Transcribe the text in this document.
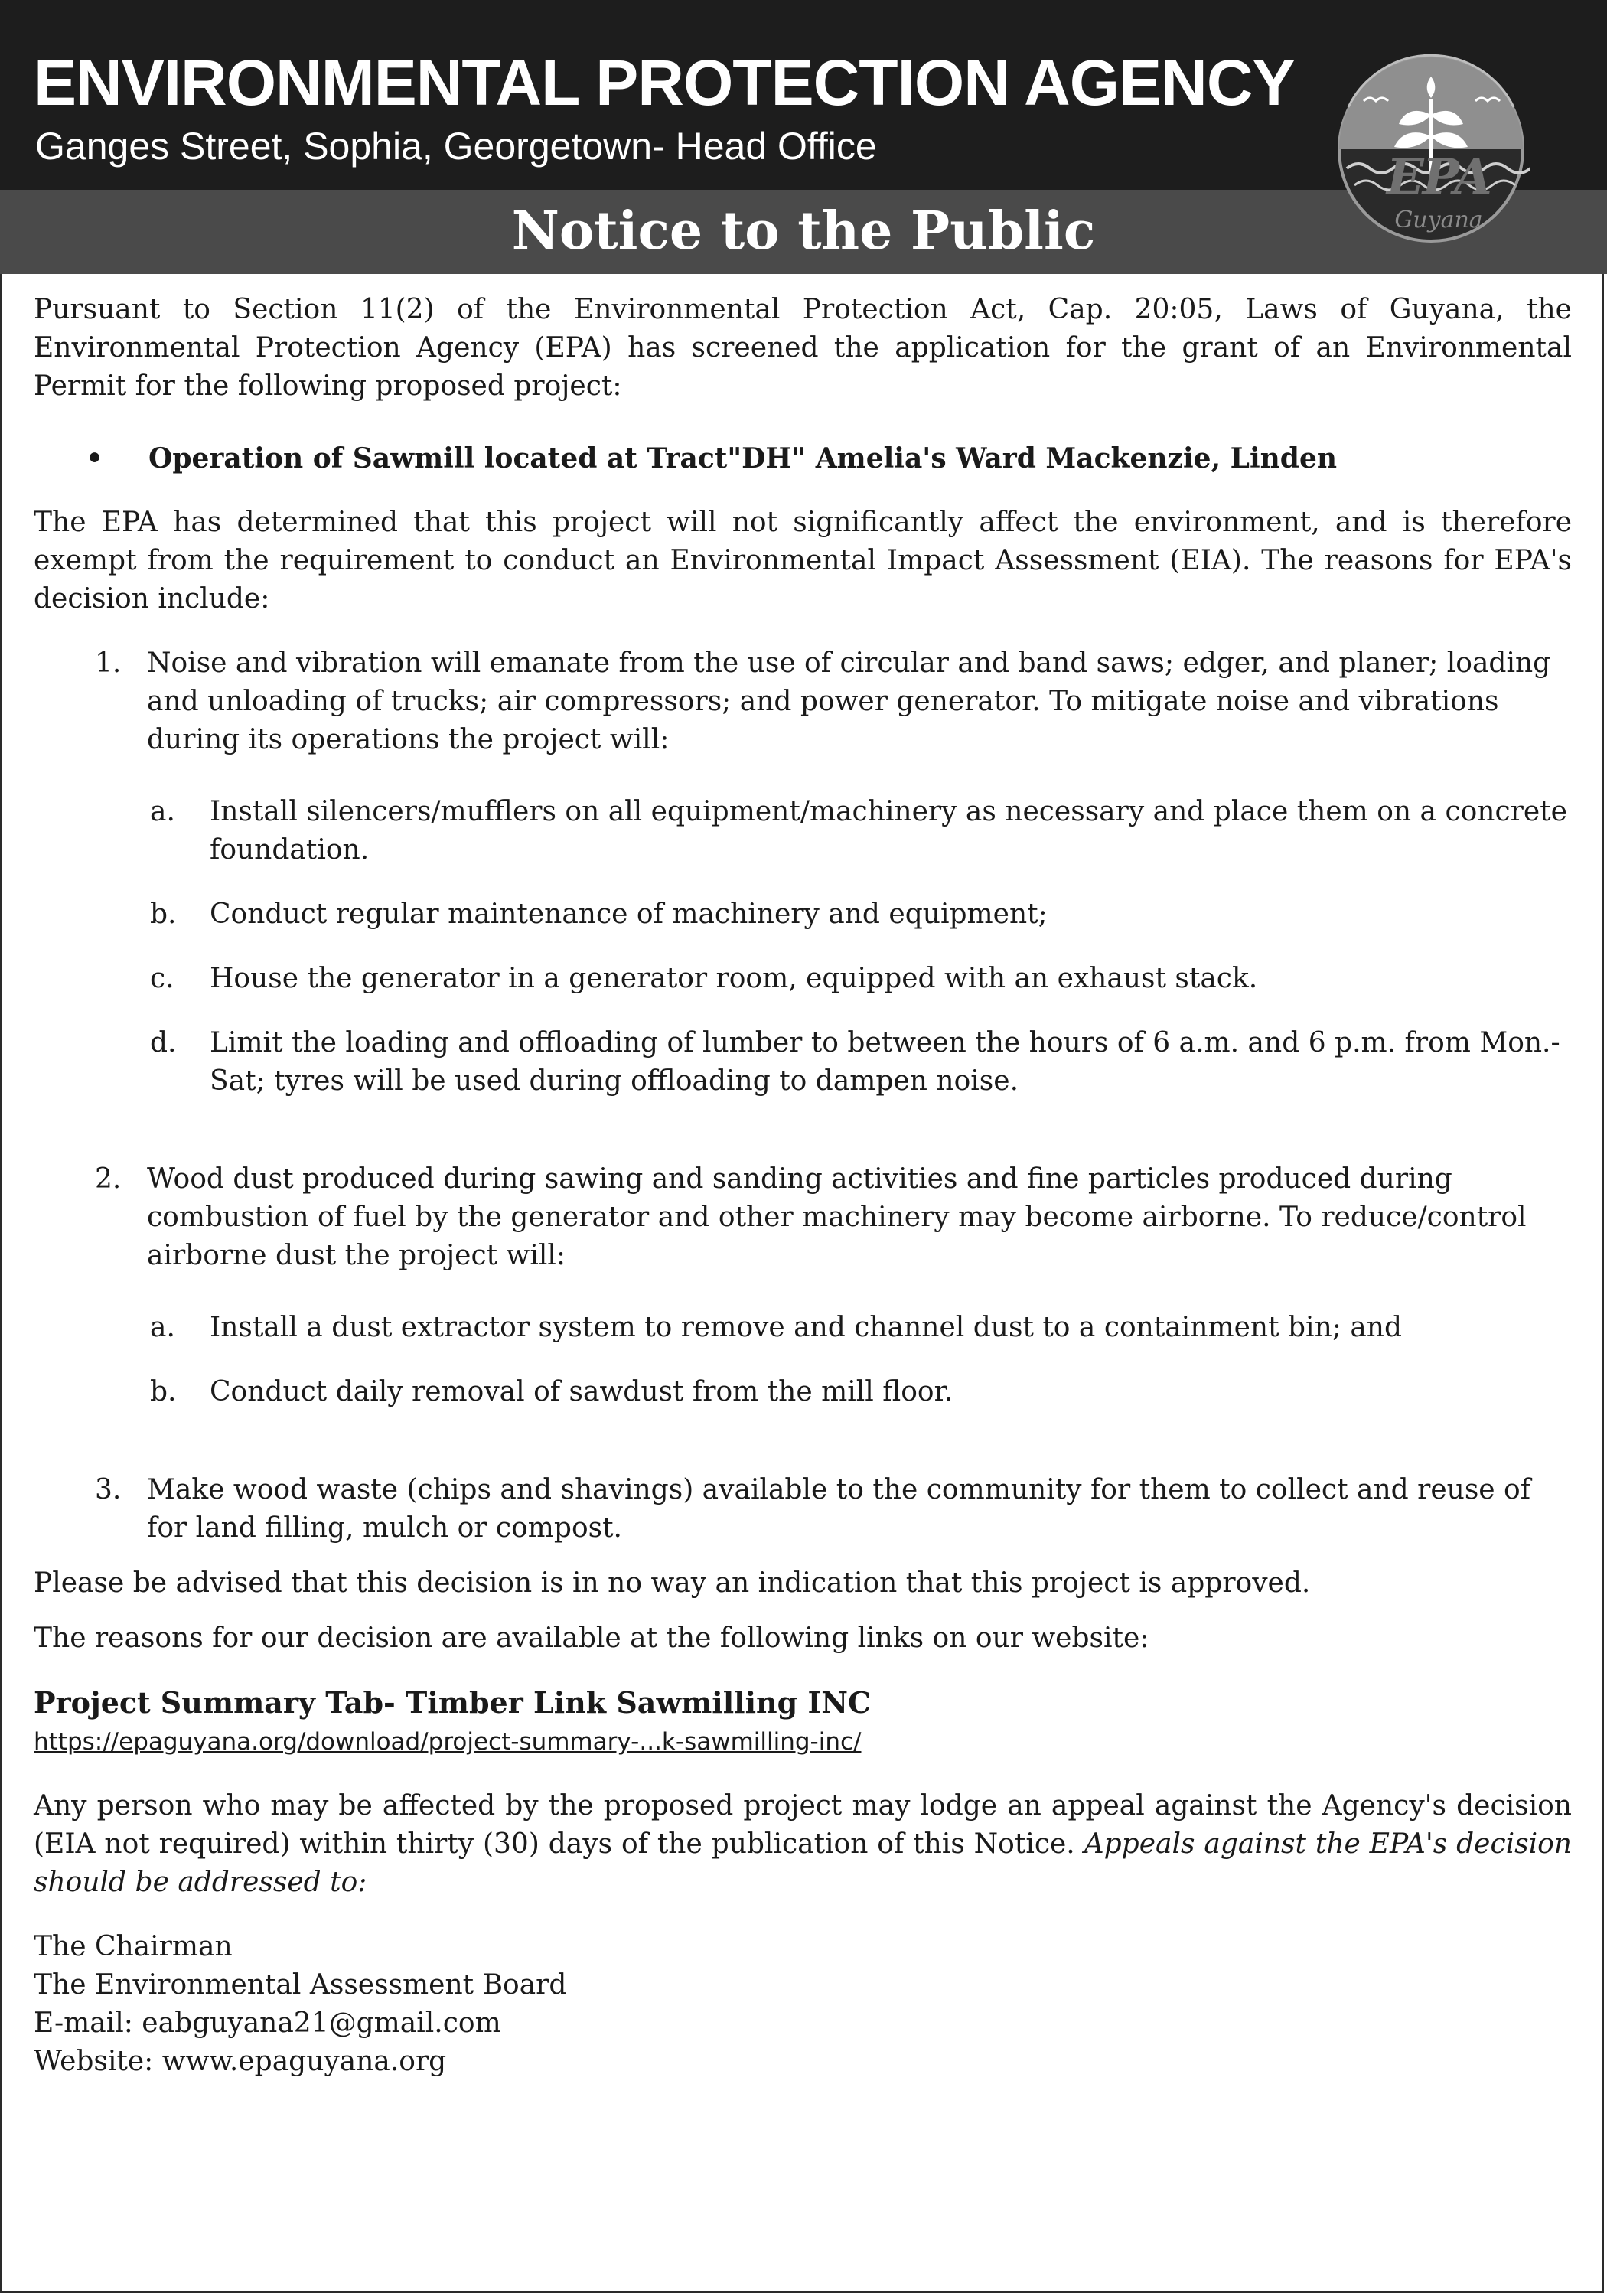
ENVIRONMENTAL PROTECTION AGENCY
Ganges Street, Sophia, Georgetown- Head Office
Notice to the Public
EPA
Guyana

Pursuant to Section 11(2) of the Environmental Protection Act, Cap. 20:05, Laws of Guyana, the Environmental Protection Agency (EPA) has screened the application for the grant of an Environmental Permit for the following proposed project:

• Operation of Sawmill located at Tract"DH" Amelia's Ward Mackenzie, Linden

The EPA has determined that this project will not significantly affect the environment, and is therefore exempt from the requirement to conduct an Environmental Impact Assessment (EIA). The reasons for EPA's decision include:

1. Noise and vibration will emanate from the use of circular and band saws; edger, and planer; loading and unloading of trucks; air compressors; and power generator. To mitigate noise and vibrations during its operations the project will:
a. Install silencers/mufflers on all equipment/machinery as necessary and place them on a concrete foundation.
b. Conduct regular maintenance of machinery and equipment;
c. House the generator in a generator room, equipped with an exhaust stack.
d. Limit the loading and offloading of lumber to between the hours of 6 a.m. and 6 p.m. from Mon.-Sat; tyres will be used during offloading to dampen noise.
2. Wood dust produced during sawing and sanding activities and fine particles produced during combustion of fuel by the generator and other machinery may become airborne. To reduce/control airborne dust the project will:
a. Install a dust extractor system to remove and channel dust to a containment bin; and
b. Conduct daily removal of sawdust from the mill floor.
3. Make wood waste (chips and shavings) available to the community for them to collect and reuse of for land filling, mulch or compost.

Please be advised that this decision is in no way an indication that this project is approved.

The reasons for our decision are available at the following links on our website:

Project Summary Tab- Timber Link Sawmilling INC

https://epaguyana.org/download/project-summary-...k-sawmilling-inc/

Any person who may be affected by the proposed project may lodge an appeal against the Agency's decision (EIA not required) within thirty (30) days of the publication of this Notice. Appeals against the EPA's decision should be addressed to:

The Chairman

The Environmental Assessment Board

E-mail: eabguyana21@gmail.com

Website: www.epaguyana.org
